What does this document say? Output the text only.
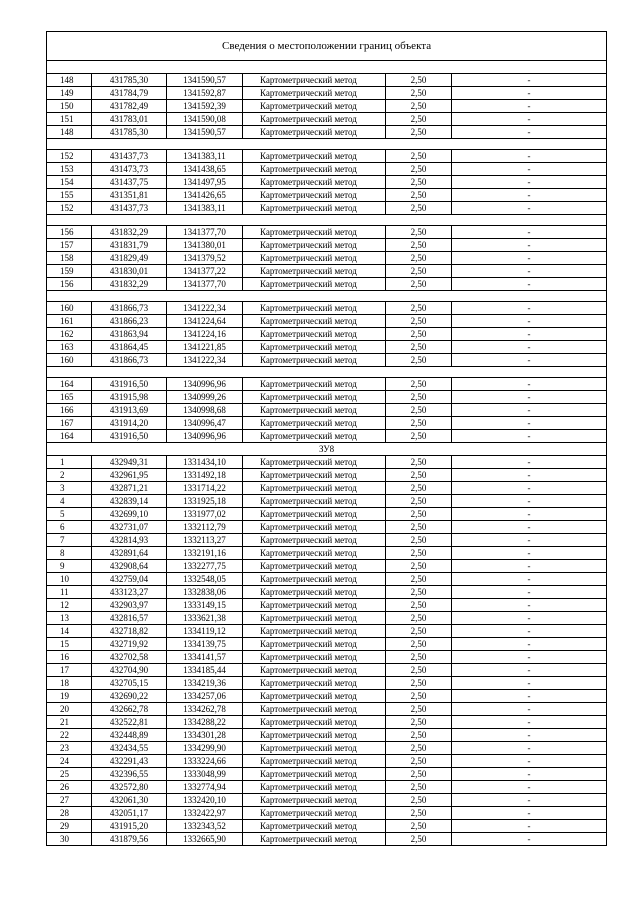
Сведения о местоположении границ объекта					

148	431785,30	1341590,57	Картометрический метод	2,50	-
149	431784,79	1341592,87	Картометрический метод	2,50	-
150	431782,49	1341592,39	Картометрический метод	2,50	-
151	431783,01	1341590,08	Картометрический метод	2,50	-
148	431785,30	1341590,57	Картометрический метод	2,50	-

152	431437,73	1341383,11	Картометрический метод	2,50	-
153	431473,73	1341438,65	Картометрический метод	2,50	-
154	431437,75	1341497,95	Картометрический метод	2,50	-
155	431351,81	1341426,65	Картометрический метод	2,50	-
152	431437,73	1341383,11	Картометрический метод	2,50	-

156	431832,29	1341377,70	Картометрический метод	2,50	-
157	431831,79	1341380,01	Картометрический метод	2,50	-
158	431829,49	1341379,52	Картометрический метод	2,50	-
159	431830,01	1341377,22	Картометрический метод	2,50	-
156	431832,29	1341377,70	Картометрический метод	2,50	-

160	431866,73	1341222,34	Картометрический метод	2,50	-
161	431866,23	1341224,64	Картометрический метод	2,50	-
162	431863,94	1341224,16	Картометрический метод	2,50	-
163	431864,45	1341221,85	Картометрический метод	2,50	-
160	431866,73	1341222,34	Картометрический метод	2,50	-

164	431916,50	1340996,96	Картометрический метод	2,50	-
165	431915,98	1340999,26	Картометрический метод	2,50	-
166	431913,69	1340998,68	Картометрический метод	2,50	-
167	431914,20	1340996,47	Картометрический метод	2,50	-
164	431916,50	1340996,96	Картометрический метод	2,50	-
ЗУ8					
1	432949,31	1331434,10	Картометрический метод	2,50	-
2	432961,95	1331492,18	Картометрический метод	2,50	-
3	432871,21	1331714,22	Картометрический метод	2,50	-
4	432839,14	1331925,18	Картометрический метод	2,50	-
5	432699,10	1331977,02	Картометрический метод	2,50	-
6	432731,07	1332112,79	Картометрический метод	2,50	-
7	432814,93	1332113,27	Картометрический метод	2,50	-
8	432891,64	1332191,16	Картометрический метод	2,50	-
9	432908,64	1332277,75	Картометрический метод	2,50	-
10	432759,04	1332548,05	Картометрический метод	2,50	-
11	433123,27	1332838,06	Картометрический метод	2,50	-
12	432903,97	1333149,15	Картометрический метод	2,50	-
13	432816,57	1333621,38	Картометрический метод	2,50	-
14	432718,82	1334119,12	Картометрический метод	2,50	-
15	432719,92	1334139,75	Картометрический метод	2,50	-
16	432702,58	1334141,57	Картометрический метод	2,50	-
17	432704,90	1334185,44	Картометрический метод	2,50	-
18	432705,15	1334219,36	Картометрический метод	2,50	-
19	432690,22	1334257,06	Картометрический метод	2,50	-
20	432662,78	1334262,78	Картометрический метод	2,50	-
21	432522,81	1334288,22	Картометрический метод	2,50	-
22	432448,89	1334301,28	Картометрический метод	2,50	-
23	432434,55	1334299,90	Картометрический метод	2,50	-
24	432291,43	1333224,66	Картометрический метод	2,50	-
25	432396,55	1333048,99	Картометрический метод	2,50	-
26	432572,80	1332774,94	Картометрический метод	2,50	-
27	432061,30	1332420,10	Картометрический метод	2,50	-
28	432051,17	1332422,97	Картометрический метод	2,50	-
29	431915,20	1332343,52	Картометрический метод	2,50	-
30	431879,56	1332665,90	Картометрический метод	2,50	-
